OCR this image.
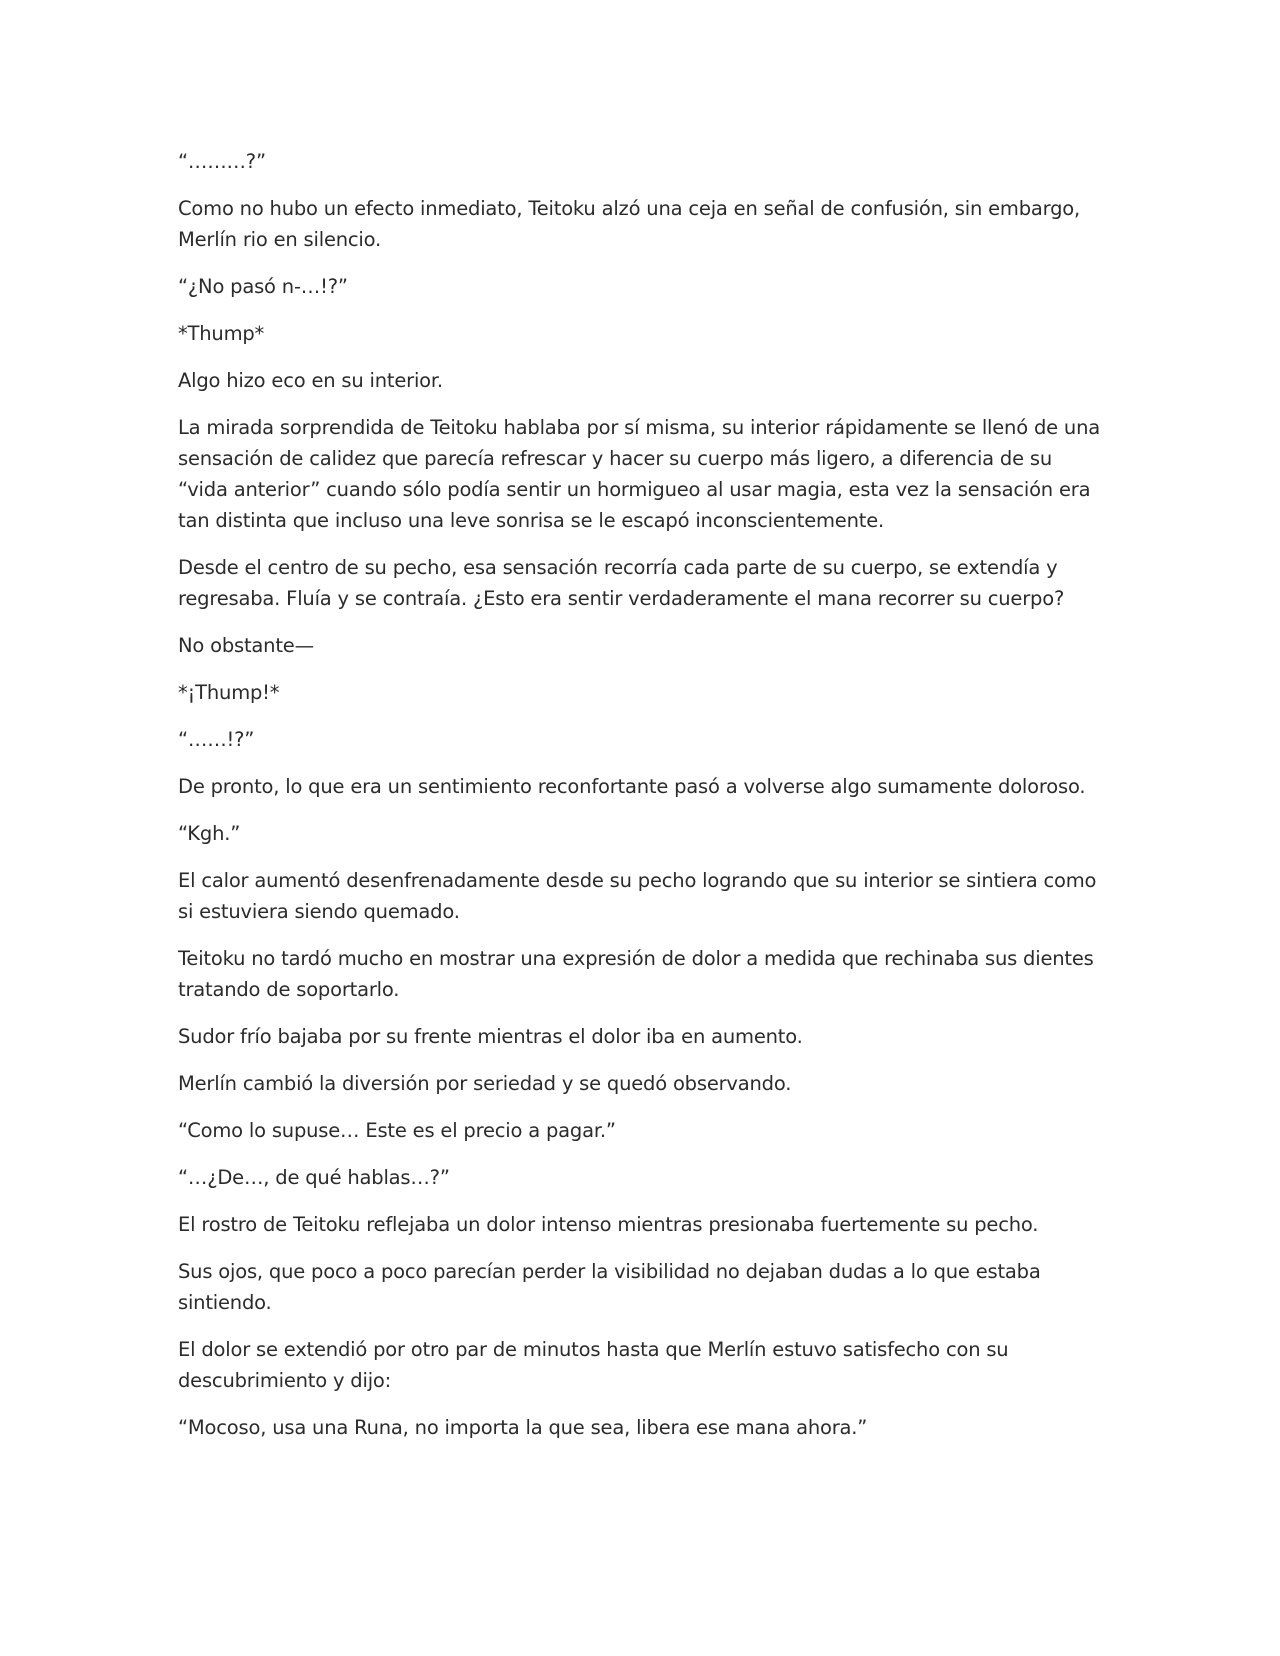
“………?”

Como no hubo un efecto inmediato, Teitoku alzó una ceja en señal de confusión, sin embargo, Merlín rio en silencio.

“¿No pasó n-…!?”

*Thump*

Algo hizo eco en su interior.

La mirada sorprendida de Teitoku hablaba por sí misma, su interior rápidamente se llenó de una sensación de calidez que parecía refrescar y hacer su cuerpo más ligero, a diferencia de su “vida anterior” cuando sólo podía sentir un hormigueo al usar magia, esta vez la sensación era tan distinta que incluso una leve sonrisa se le escapó inconscientemente.

Desde el centro de su pecho, esa sensación recorría cada parte de su cuerpo, se extendía y regresaba. Fluía y se contraía. ¿Esto era sentir verdaderamente el mana recorrer su cuerpo?

No obstante—

*¡Thump!*

“……!?”

De pronto, lo que era un sentimiento reconfortante pasó a volverse algo sumamente doloroso.

“Kgh.”

El calor aumentó desenfrenadamente desde su pecho logrando que su interior se sintiera como si estuviera siendo quemado.

Teitoku no tardó mucho en mostrar una expresión de dolor a medida que rechinaba sus dientes tratando de soportarlo.

Sudor frío bajaba por su frente mientras el dolor iba en aumento.

Merlín cambió la diversión por seriedad y se quedó observando.

“Como lo supuse… Este es el precio a pagar.”

“…¿De…, de qué hablas…?”

El rostro de Teitoku reflejaba un dolor intenso mientras presionaba fuertemente su pecho.

Sus ojos, que poco a poco parecían perder la visibilidad no dejaban dudas a lo que estaba sintiendo.

El dolor se extendió por otro par de minutos hasta que Merlín estuvo satisfecho con su descubrimiento y dijo:

“Mocoso, usa una Runa, no importa la que sea, libera ese mana ahora.”
